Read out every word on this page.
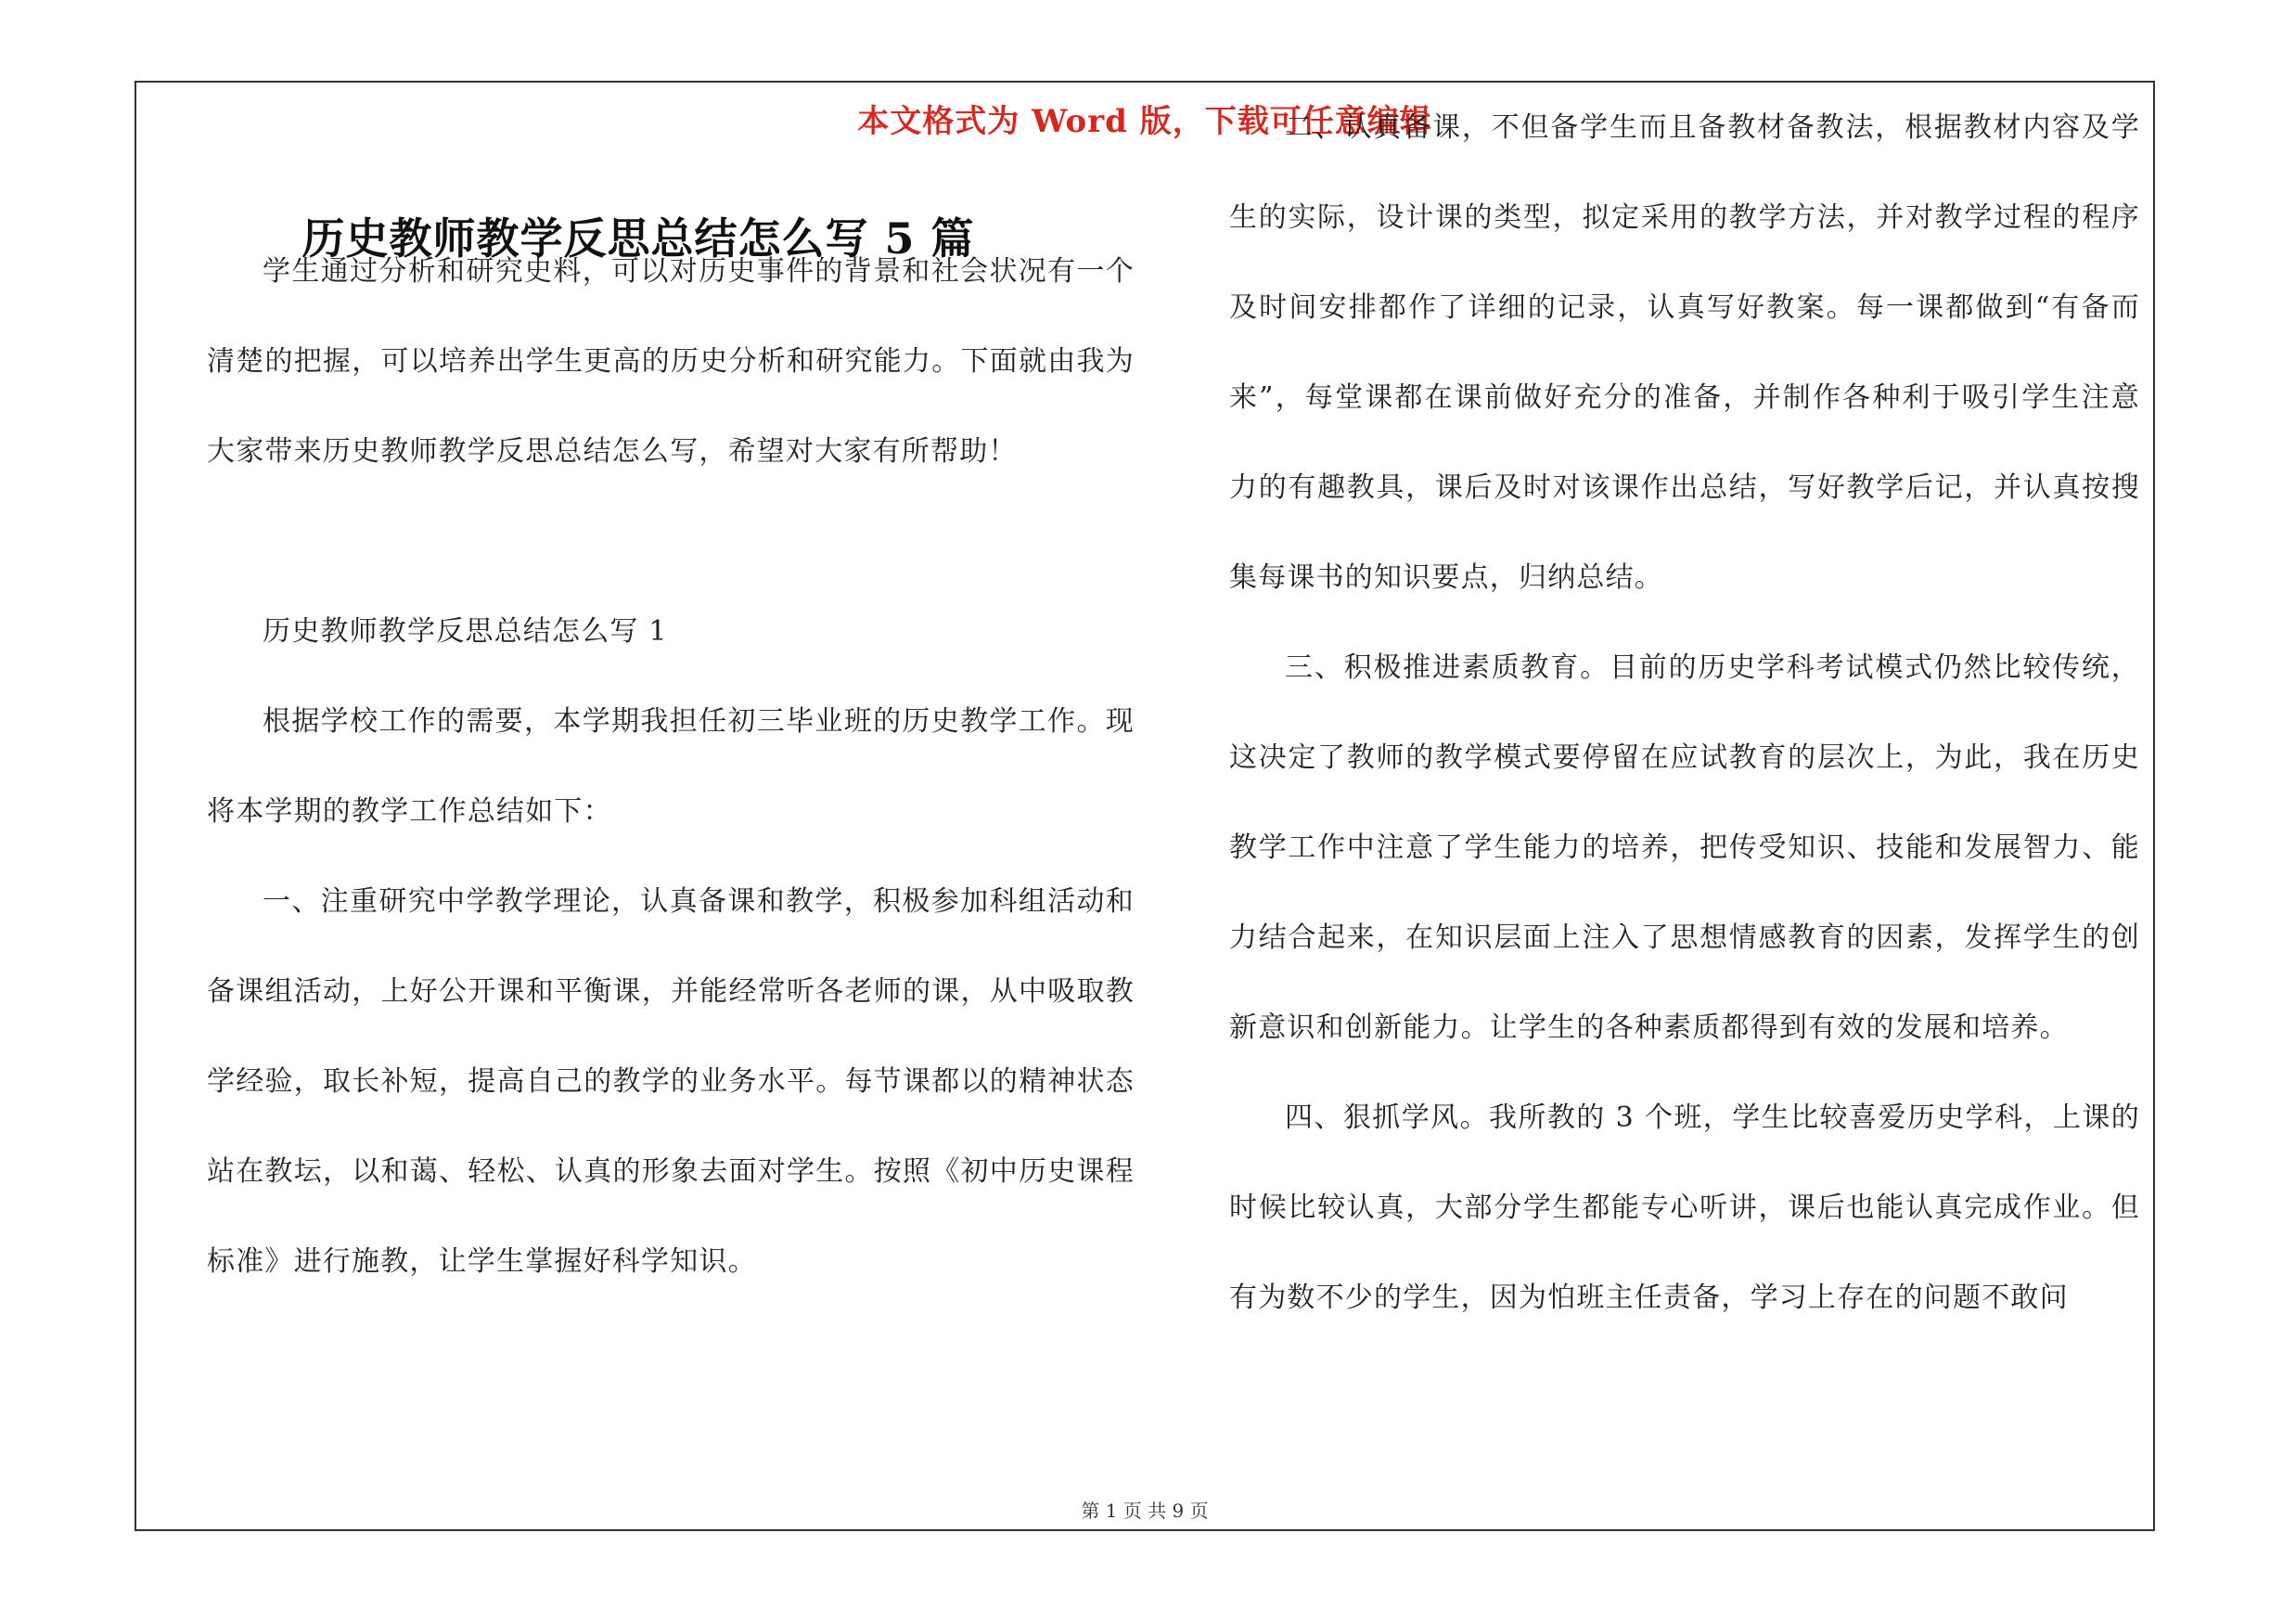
本文格式为 Word 版，下载可任意编辑
历史教师教学反思总结怎么写 5 篇

学生通过分析和研究史料，可以对历史事件的背景和社会状况有一个清楚的把握，可以培养出学生更高的历史分析和研究能力。下面就由我为大家带来历史教师教学反思总结怎么写，希望对大家有所帮助！

历史教师教学反思总结怎么写 1

根据学校工作的需要，本学期我担任初三毕业班的历史教学工作。现将本学期的教学工作总结如下：

一、注重研究中学教学理论，认真备课和教学，积极参加科组活动和备课组活动，上好公开课和平衡课，并能经常听各老师的课，从中吸取教学经验，取长补短，提高自己的教学的业务水平。每节课都以的精神状态站在教坛，以和蔼、轻松、认真的形象去面对学生。按照《初中历史课程标准》进行施教，让学生掌握好科学知识。

二、认真备课，不但备学生而且备教材备教法，根据教材内容及学生的实际，设计课的类型，拟定采用的教学方法，并对教学过程的程序及时间安排都作了详细的记录，认真写好教案。每一课都做到“有备而来”，每堂课都在课前做好充分的准备，并制作各种利于吸引学生注意力的有趣教具，课后及时对该课作出总结，写好教学后记，并认真按搜集每课书的知识要点，归纳总结。

三、积极推进素质教育。目前的历史学科考试模式仍然比较传统，这决定了教师的教学模式要停留在应试教育的层次上，为此，我在历史教学工作中注意了学生能力的培养，把传受知识、技能和发展智力、能力结合起来，在知识层面上注入了思想情感教育的因素，发挥学生的创新意识和创新能力。让学生的各种素质都得到有效的发展和培养。

四、狠抓学风。我所教的 3 个班，学生比较喜爱历史学科，上课的时候比较认真，大部分学生都能专心听讲，课后也能认真完成作业。但有为数不少的学生，因为怕班主任责备，学习上存在的问题不敢问

第 1 页 共 9 页
